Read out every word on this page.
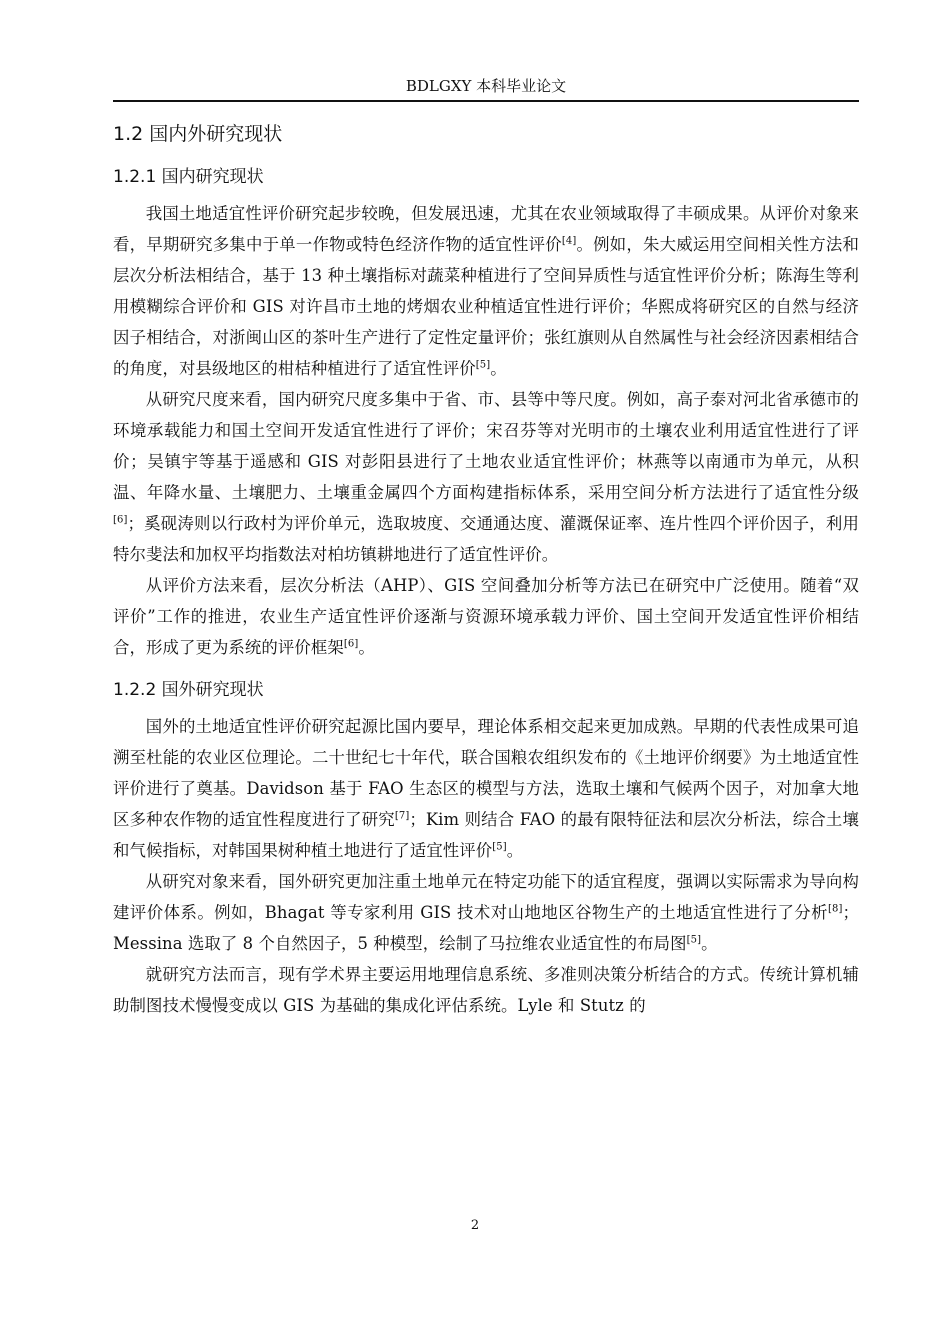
BDLGXY 本科毕业论文
1.2 国内外研究现状
1.2.1 国内研究现状

我国土地适宜性评价研究起步较晚，但发展迅速，尤其在农业领域取得了丰硕成果。从评价对象来看，早期研究多集中于单一作物或特色经济作物的适宜性评价[4]。例如，朱大威运用空间相关性方法和层次分析法相结合，基于 13 种土壤指标对蔬菜种植进行了空间异质性与适宜性评价分析；陈海生等利用模糊综合评价和 GIS 对许昌市土地的烤烟农业种植适宜性进行评价；华熙成将研究区的自然与经济因子相结合，对浙闽山区的茶叶生产进行了定性定量评价；张红旗则从自然属性与社会经济因素相结合的角度，对县级地区的柑桔种植进行了适宜性评价[5]。

从研究尺度来看，国内研究尺度多集中于省、市、县等中等尺度。例如，高子泰对河北省承德市的环境承载能力和国土空间开发适宜性进行了评价；宋召芬等对光明市的土壤农业利用适宜性进行了评价；吴镇宇等基于遥感和 GIS 对彭阳县进行了土地农业适宜性评价；林燕等以南通市为单元，从积温、年降水量、土壤肥力、土壤重金属四个方面构建指标体系，采用空间分析方法进行了适宜性分级[6]；奚砚涛则以行政村为评价单元，选取坡度、交通通达度、灌溉保证率、连片性四个评价因子，利用特尔斐法和加权平均指数法对柏坊镇耕地进行了适宜性评价。

从评价方法来看，层次分析法（AHP）、GIS 空间叠加分析等方法已在研究中广泛使用。随着“双评价”工作的推进，农业生产适宜性评价逐渐与资源环境承载力评价、国土空间开发适宜性评价相结合，形成了更为系统的评价框架[6]。

1.2.2 国外研究现状

国外的土地适宜性评价研究起源比国内要早，理论体系相交起来更加成熟。早期的代表性成果可追溯至杜能的农业区位理论。二十世纪七十年代，联合国粮农组织发布的《土地评价纲要》为土地适宜性评价进行了奠基。Davidson 基于 FAO 生态区的模型与方法，选取土壤和气候两个因子，对加拿大地区多种农作物的适宜性程度进行了研究[7]；Kim 则结合 FAO 的最有限特征法和层次分析法，综合土壤和气候指标，对韩国果树种植土地进行了适宜性评价[5]。

从研究对象来看，国外研究更加注重土地单元在特定功能下的适宜程度，强调以实际需求为导向构建评价体系。例如，Bhagat 等专家利用 GIS 技术对山地地区谷物生产的土地适宜性进行了分析[8]；Messina 选取了 8 个自然因子，5 种模型，绘制了马拉维农业适宜性的布局图[5]。

就研究方法而言，现有学术界主要运用地理信息系统、多准则决策分析结合的方式。传统计算机辅助制图技术慢慢变成以 GIS 为基础的集成化评估系统。Lyle 和 Stutz 的

2
